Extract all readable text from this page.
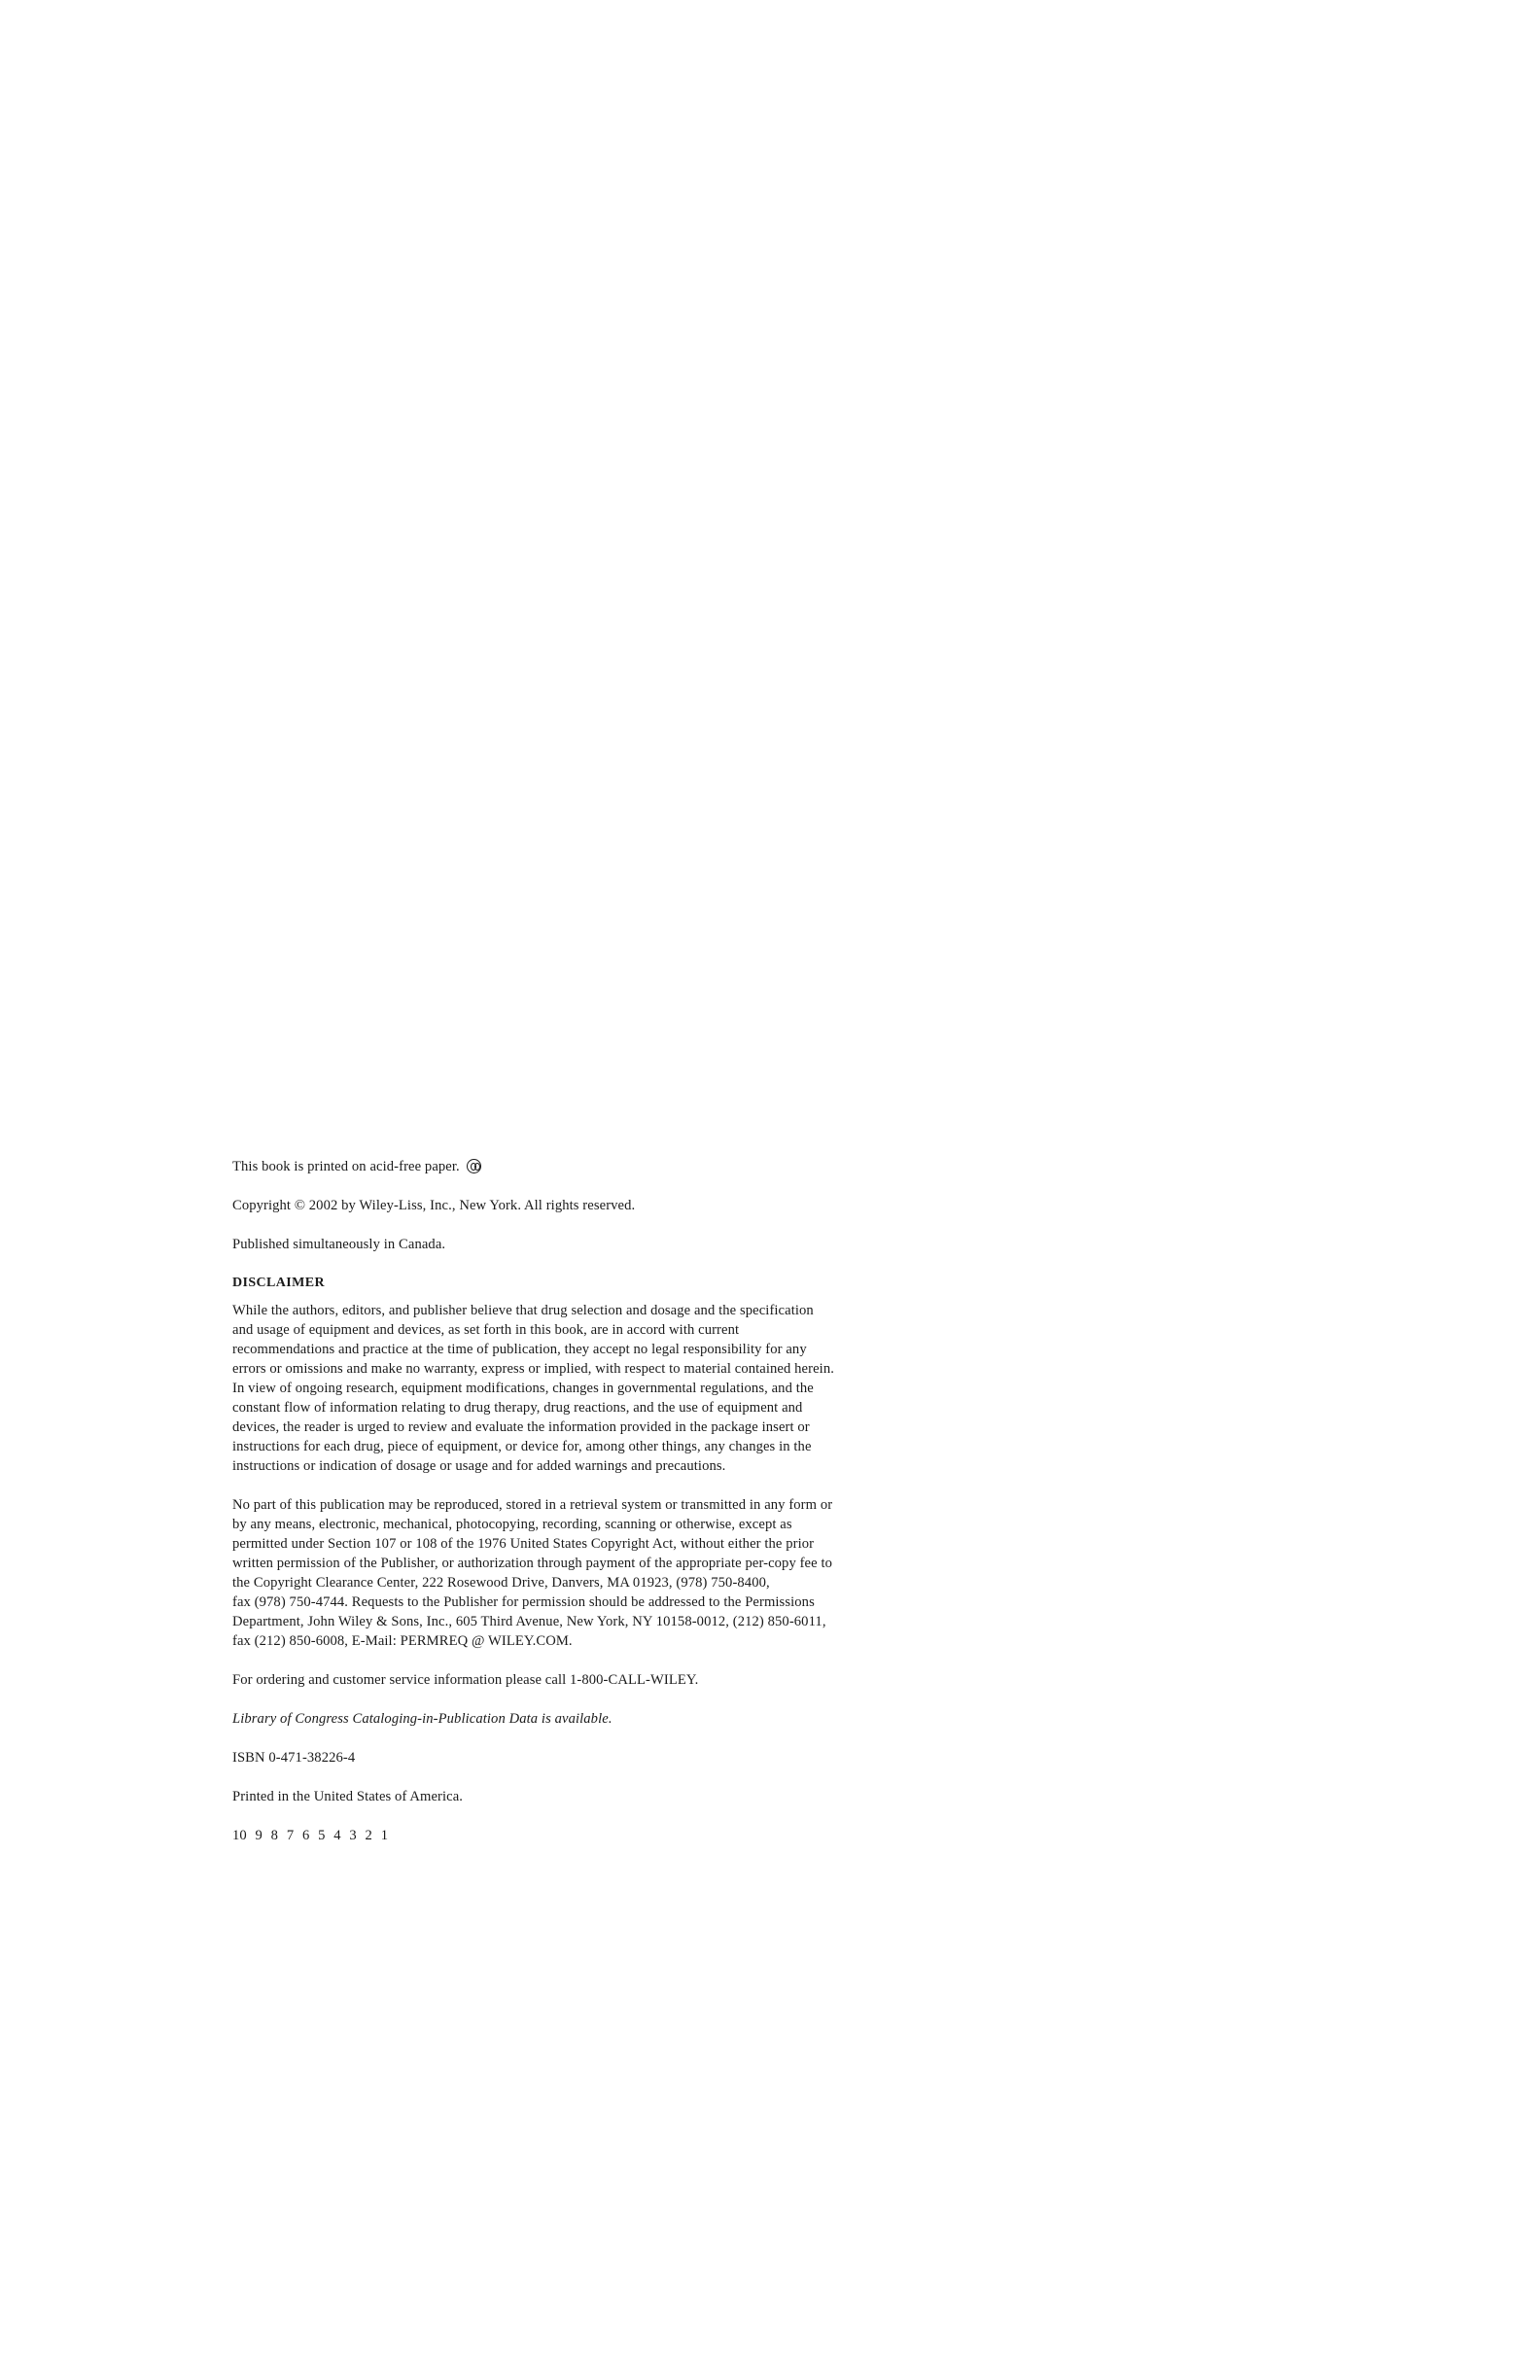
This book is printed on acid-free paper.

Copyright © 2002 by Wiley-Liss, Inc., New York. All rights reserved.

Published simultaneously in Canada.

DISCLAIMER

While the authors, editors, and publisher believe that drug selection and dosage and the specification
and usage of equipment and devices, as set forth in this book, are in accord with current
recommendations and practice at the time of publication, they accept no legal responsibility for any
errors or omissions and make no warranty, express or implied, with respect to material contained herein.
In view of ongoing research, equipment modifications, changes in governmental regulations, and the
constant flow of information relating to drug therapy, drug reactions, and the use of equipment and
devices, the reader is urged to review and evaluate the information provided in the package insert or
instructions for each drug, piece of equipment, or device for, among other things, any changes in the
instructions or indication of dosage or usage and for added warnings and precautions.

No part of this publication may be reproduced, stored in a retrieval system or transmitted in any form or
by any means, electronic, mechanical, photocopying, recording, scanning or otherwise, except as
permitted under Section 107 or 108 of the 1976 United States Copyright Act, without either the prior
written permission of the Publisher, or authorization through payment of the appropriate per-copy fee to
the Copyright Clearance Center, 222 Rosewood Drive, Danvers, MA 01923, (978) 750-8400,
fax (978) 750-4744. Requests to the Publisher for permission should be addressed to the Permissions
Department, John Wiley & Sons, Inc., 605 Third Avenue, New York, NY 10158-0012, (212) 850-6011,
fax (212) 850-6008, E-Mail: PERMREQ @ WILEY.COM.

For ordering and customer service information please call 1-800-CALL-WILEY.

Library of Congress Cataloging-in-Publication Data is available.

ISBN 0-471-38226-4

Printed in the United States of America.

10 9 8 7 6 5 4 3 2 1
